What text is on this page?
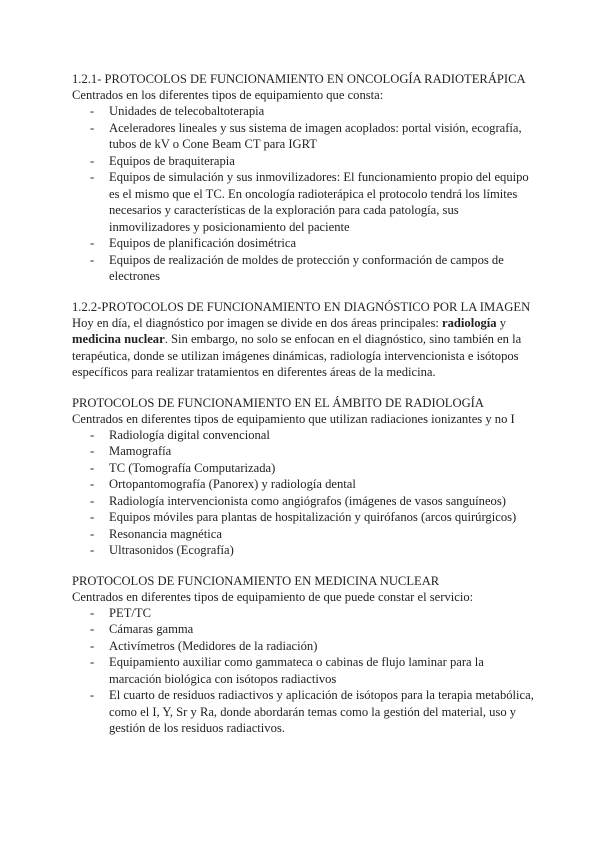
1.2.1- PROTOCOLOS DE FUNCIONAMIENTO EN ONCOLOGÍA RADIOTERÁPICA

Centrados en los diferentes tipos de equipamiento que consta:

- Unidades de telecobaltoterapia
- Aceleradores lineales y sus sistema de imagen acoplados: portal visión, ecografía, tubos de kV o Cone Beam CT para IGRT
- Equipos de braquiterapia
- Equipos de simulación y sus inmovilizadores: El funcionamiento propio del equipo es el mismo que el TC. En oncología radioterápica el protocolo tendrá los límites necesarios y características de la exploración para cada patología, sus inmovilizadores y posicionamiento del paciente
- Equipos de planificación dosimétrica
- Equipos de realización de moldes de protección y conformación de campos de electrones

1.2.2-PROTOCOLOS DE FUNCIONAMIENTO EN DIAGNÓSTICO POR LA IMAGEN

Hoy en día, el diagnóstico por imagen se divide en dos áreas principales: radiología y medicina nuclear. Sin embargo, no solo se enfocan en el diagnóstico, sino también en la terapéutica, donde se utilizan imágenes dinámicas, radiología intervencionista e isótopos específicos para realizar tratamientos en diferentes áreas de la medicina.

PROTOCOLOS DE FUNCIONAMIENTO EN EL ÁMBITO DE RADIOLOGÍA

Centrados en diferentes tipos de equipamiento que utilizan radiaciones ionizantes y no I

- Radiología digital convencional
- Mamografía
- TC (Tomografía Computarizada)
- Ortopantomografía (Panorex) y radiología dental
- Radiología intervencionista como angiógrafos (imágenes de vasos sanguíneos)
- Equipos móviles para plantas de hospitalización y quirófanos (arcos quirúrgicos)
- Resonancia magnética
- Ultrasonidos (Ecografía)

PROTOCOLOS DE FUNCIONAMIENTO EN MEDICINA NUCLEAR

Centrados en diferentes tipos de equipamiento de que puede constar el servicio:

- PET/TC
- Cámaras gamma
- Activímetros (Medidores de la radiación)
- Equipamiento auxiliar como gammateca o cabinas de flujo laminar para la marcación biológica con isótopos radiactivos
- El cuarto de residuos radiactivos y aplicación de isótopos para la terapia metabólica, como el I, Y, Sr y Ra, donde abordarán temas como la gestión del material, uso y gestión de los residuos radiactivos.
